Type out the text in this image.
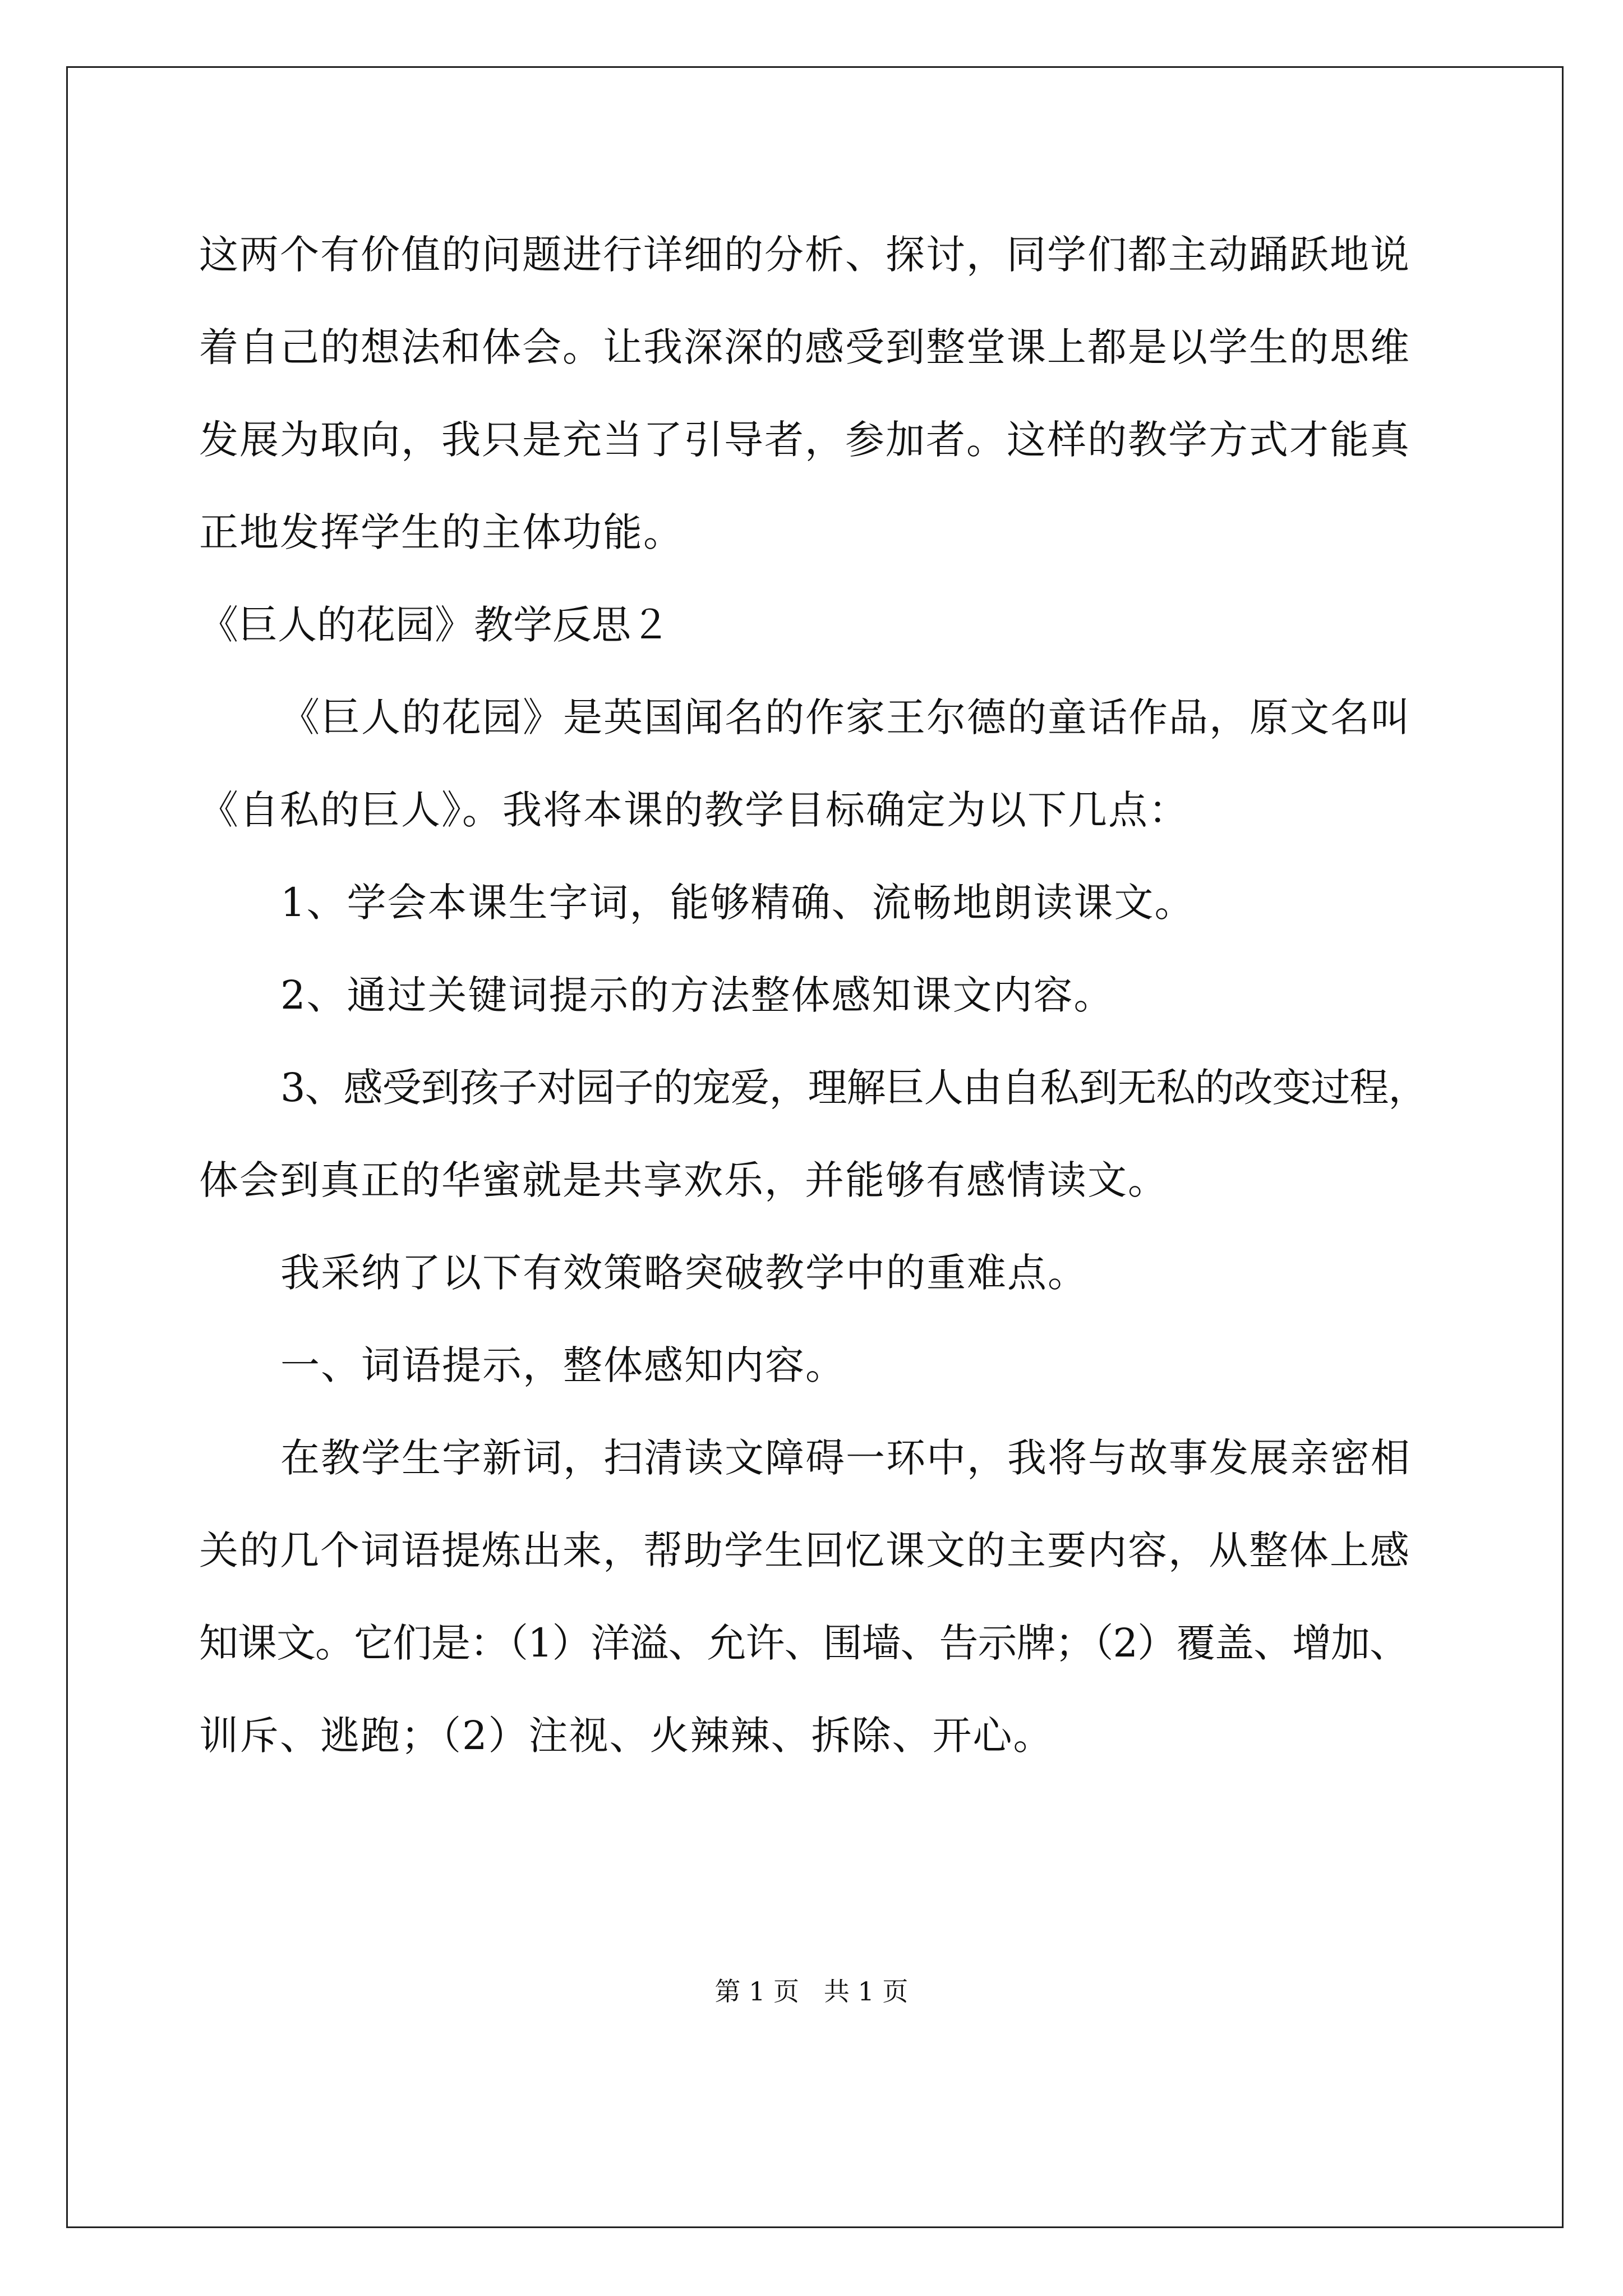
这两个有价值的问题进行详细的分析、探讨，同学们都主动踊跃地说
着自己的想法和体会。让我深深的感受到整堂课上都是以学生的思维
发展为取向，我只是充当了引导者，参加者。这样的教学方式才能真
正地发挥学生的主体功能。
《巨人的花园》教学反思２
《巨人的花园》是英国闻名的作家王尔德的童话作品，原文名叫
《自私的巨人》。我将本课的教学目标确定为以下几点：
1、学会本课生字词，能够精确、流畅地朗读课文。
2、通过关键词提示的方法整体感知课文内容。
3、感受到孩子对园子的宠爱，理解巨人由自私到无私的改变过程，
体会到真正的华蜜就是共享欢乐，并能够有感情读文。
我采纳了以下有效策略突破教学中的重难点。
一、词语提示，整体感知内容。
在教学生字新词，扫清读文障碍一环中，我将与故事发展亲密相
关的几个词语提炼出来，帮助学生回忆课文的主要内容，从整体上感
知课文。它们是：（1）洋溢、允许、围墙、告示牌；（2）覆盖、增加、
训斥、逃跑；（2）注视、火辣辣、拆除、开心。
第 1 页   共 1 页
